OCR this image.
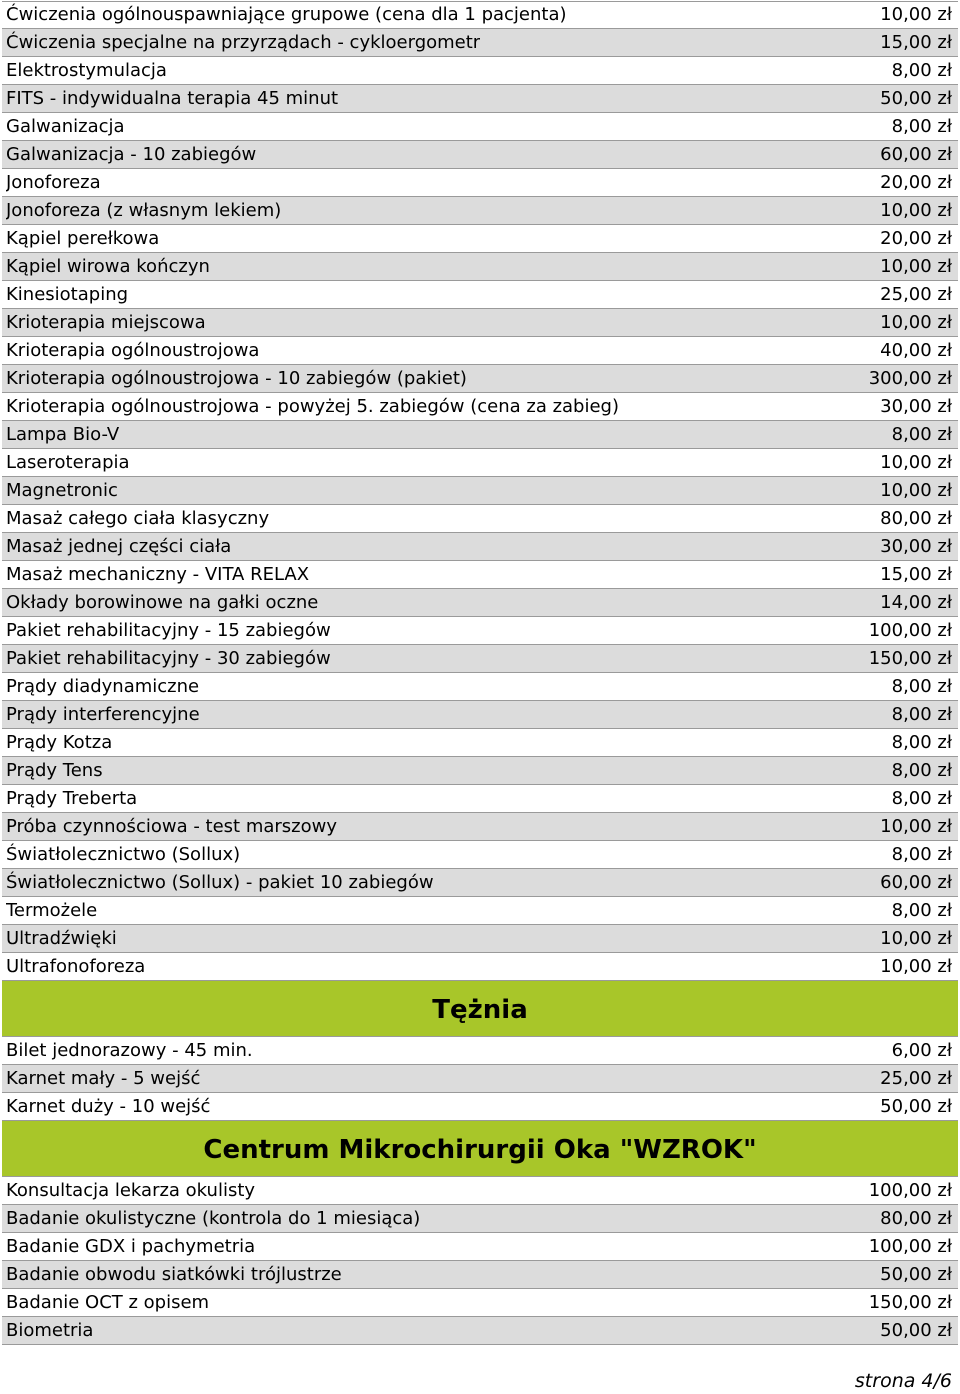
Ćwiczenia ogólnouspawniające grupowe (cena dla 1 pacjenta)	10,00 zł
Ćwiczenia specjalne na przyrządach - cykloergometr	15,00 zł
Elektrostymulacja	8,00 zł
FITS - indywidualna terapia 45 minut	50,00 zł
Galwanizacja	8,00 zł
Galwanizacja - 10 zabiegów	60,00 zł
Jonoforeza	20,00 zł
Jonoforeza (z własnym lekiem)	10,00 zł
Kąpiel perełkowa	20,00 zł
Kąpiel wirowa kończyn	10,00 zł
Kinesiotaping	25,00 zł
Krioterapia miejscowa	10,00 zł
Krioterapia ogólnoustrojowa	40,00 zł
Krioterapia ogólnoustrojowa - 10 zabiegów (pakiet)	300,00 zł
Krioterapia ogólnoustrojowa - powyżej 5. zabiegów (cena za zabieg)	30,00 zł
Lampa Bio-V	8,00 zł
Laseroterapia	10,00 zł
Magnetronic	10,00 zł
Masaż całego ciała klasyczny	80,00 zł
Masaż jednej części ciała	30,00 zł
Masaż mechaniczny - VITA RELAX	15,00 zł
Okłady borowinowe na gałki oczne	14,00 zł
Pakiet rehabilitacyjny - 15 zabiegów	100,00 zł
Pakiet rehabilitacyjny - 30 zabiegów	150,00 zł
Prądy diadynamiczne	8,00 zł
Prądy interferencyjne	8,00 zł
Prądy Kotza	8,00 zł
Prądy Tens	8,00 zł
Prądy Treberta	8,00 zł
Próba czynnościowa - test marszowy	10,00 zł
Światłolecznictwo (Sollux)	8,00 zł
Światłolecznictwo (Sollux) - pakiet 10 zabiegów	60,00 zł
Termożele	8,00 zł
Ultradźwięki	10,00 zł
Ultrafonoforeza	10,00 zł
Tężnia
Bilet jednorazowy - 45 min.	6,00 zł
Karnet mały - 5 wejść	25,00 zł
Karnet duży - 10 wejść	50,00 zł
Centrum Mikrochirurgii Oka "WZROK"
Konsultacja lekarza okulisty	100,00 zł
Badanie okulistyczne (kontrola do 1 miesiąca)	80,00 zł
Badanie GDX i pachymetria	100,00 zł
Badanie obwodu siatkówki trójlustrze	50,00 zł
Badanie OCT z opisem	150,00 zł
Biometria	50,00 zł
strona 4/6
